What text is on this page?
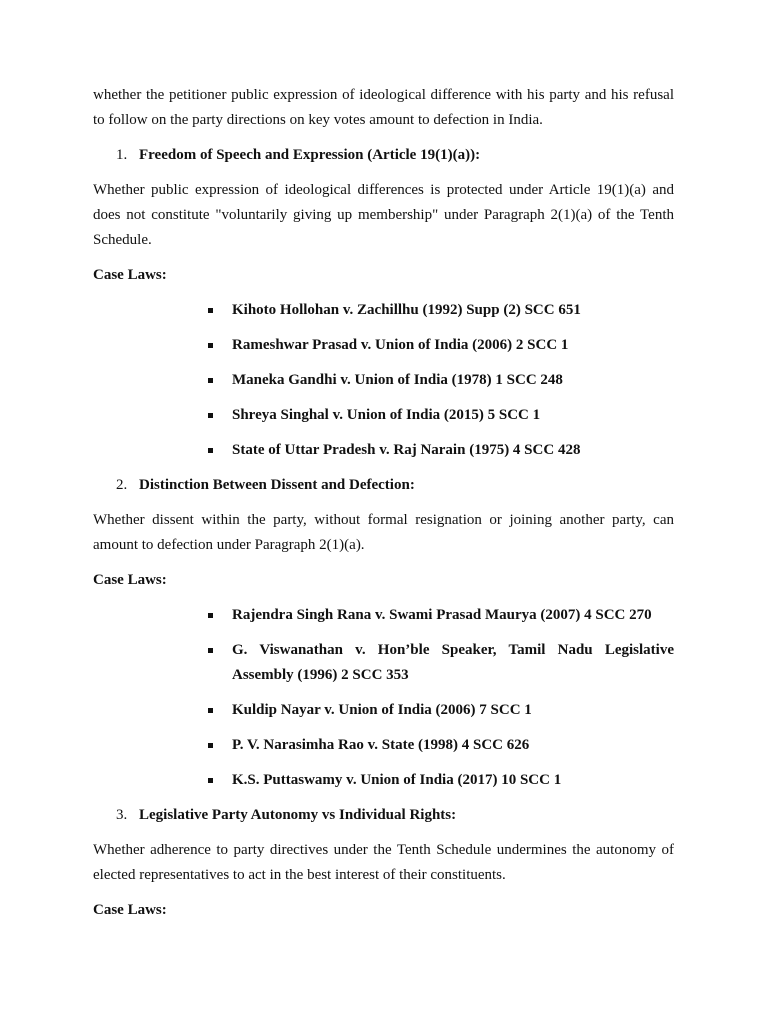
whether the petitioner public expression of ideological difference with his party and his refusal to follow on the party directions on key votes amount to defection in India.

1. Freedom of Speech and Expression (Article 19(1)(a)):

Whether public expression of ideological differences is protected under Article 19(1)(a) and does not constitute "voluntarily giving up membership" under Paragraph 2(1)(a) of the Tenth Schedule.

Case Laws:

Kihoto Hollohan v. Zachillhu (1992) Supp (2) SCC 651
Rameshwar Prasad v. Union of India (2006) 2 SCC 1
Maneka Gandhi v. Union of India (1978) 1 SCC 248
Shreya Singhal v. Union of India (2015) 5 SCC 1
State of Uttar Pradesh v. Raj Narain (1975) 4 SCC 428

2. Distinction Between Dissent and Defection:

Whether dissent within the party, without formal resignation or joining another party, can amount to defection under Paragraph 2(1)(a).

Case Laws:

Rajendra Singh Rana v. Swami Prasad Maurya (2007) 4 SCC 270
G. Viswanathan v. Hon’ble Speaker, Tamil Nadu Legislative Assembly (1996) 2 SCC 353
Kuldip Nayar v. Union of India (2006) 7 SCC 1
P. V. Narasimha Rao v. State (1998) 4 SCC 626
K.S. Puttaswamy v. Union of India (2017) 10 SCC 1

3. Legislative Party Autonomy vs Individual Rights:

Whether adherence to party directives under the Tenth Schedule undermines the autonomy of elected representatives to act in the best interest of their constituents.

Case Laws:
